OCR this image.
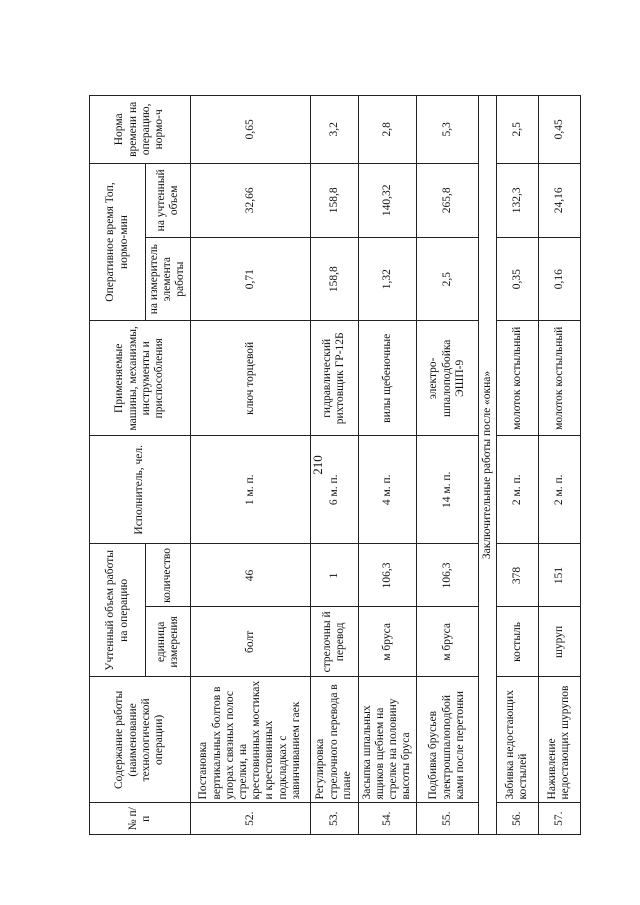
210
№ п/п	Содержание работы (наименование технологической операции)	Учтенный объем работы на операцию		Исполнитель, чел.	Применяемые машины, механизмы, инструменты и приспособления	Оперативное время Топ, нормо-мин		Норма времени на операцию, нормо-ч
		единица измерения	количество			на измеритель элемента работы	на учтенный объем	
52.	Постановка вертикальных болтов в упорах связных полос стрелки, на крестовинных мостиках и крестовинных подкладках с завинчиванием гаек	болт	46	1 м. п.	ключ торцевой	0,71	32,66	0,65
53.	Регулировка стрелочного перевода в плане	стрелочны й перевод	1	6 м. п.	гидравлический рихтовщик ГР-12Б	158,8	158,8	3,2
54.	Засыпка шпальных ящиков щебнем на стрелке на половину высоты бруса	м бруса	106,3	4 м. п.	вилы щебеночные	1,32	140,32	2,8
55.	Подбивка брусьев электрошпалоподбой ками после перетонки	м бруса	106,3	14 м. п.	электро-шпалоподбойка ЭШП-9	2,5	265,8	5,3
Заключительные работы после «окна»								
56.	Забивка недостающих костылей	костыль	378	2 м. п.	молоток костыльный	0,35	132,3	2,5
57.	Наживление недостающих шурупов	шуруп	151	2 м. п.	молоток костыльный	0,16	24,16	0,45
